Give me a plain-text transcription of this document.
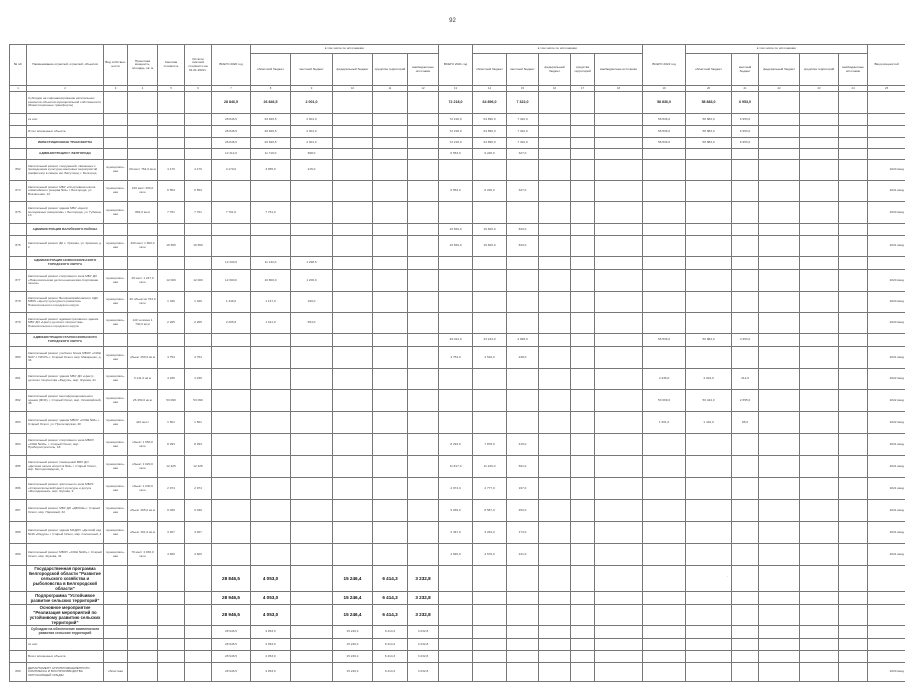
92
№ п/п	Наименование отраслей, отраслей, объектов	Вид собствен-ности	Проектная мощность, площадь, кв. м	Сметная стоимость	Остаток сметной стоимости на 01.01.2020 г.	ВСЕГО 2020 год	в том числе по источникам:					ВСЕГО 2021 год	в том числе по источникам:					ВСЕГО 2022 год	в том числе по источникам:					Ввод мощностей
							областной бюджет	местный бюджет	федеральный бюджет	средства территорий	внебюджетные источники		областной бюджет	местный бюджет	федеральный бюджет	средства территорий	внебюджетные источники		областной бюджет	местный бюджет	федеральный бюджет	средства территорий	внебюджетные источники	
1	2	3	4	5	6	7	8	9	10	11	12	13	14	15	16	17	18	19	20	21	22	23	24	25
	Субсидии на софинансирование капитальных ремонтов объектов муниципальной собственности (Инвестиционные трансферты)					28 846,5	26 846,5	2 001,0				72 218,0	64 896,0	7 322,0				58 836,0	58 883,0	6 953,0				
	из них:					28 846,5	26 846,5	2 001,0				72 218,0	64 896,0	7 322,0				58 836,0	58 883,0	6 953,0				
	Итого вложенных объекта					28 846,5	26 846,5	2 001,0				72 218,0	64 896,0	7 322,0				58 836,0	58 883,0	6 953,0				
	ИНВЕСТИЦИОННЫЕ ТРАНСФЕРТЫ					28 846,5	26 846,5	2 001,0				72 218,0	64 896,0	7 322,0				58 836,0	58 883,0	6 953,0				
	АДМИНИСТРАЦИЯ Г. БЕЛГОРОДА					12 414,0	11 716,0	698,0				6 553,0	6 226,0	327,0										
852	Капитальный ремонт сооружений, связанных с проведением культурно-массовых мероприятий (амфитеатр в сквере им. Ватутина), г. Белгород	муниципаль-ная	60 мест 764,0 кв.м	4 170	4 170	4 170,0	3 955,0	215,0																2020 ввод
874	Капитальный ремонт МБУ «Спортивная школа олимпийского резерва №2» г. Белгорода, ул. Вокзальная, 12	муниципаль-ная	220 мест 450,0 кв.м	6 553	6 553							6 553,0	6 226,0	327,0										2021 ввод
875	Капитальный ремонт здания МБУ «Центр молодёжных инициатив» г. Белгорода, ул. Губкина, 13	муниципаль-ная	882,0 кв.м	7 761	7 761	7 761,0	7 761,0																	2020 ввод
	АДМИНИСТРАЦИЯ ВАЛУЙСКОГО РАЙОНА											16 659,0	15 826,0	833,0										
876	Капитальный ремонт ДК с. Уразово, ул. Красная, д. 2	муниципаль-ная	400 мест 1 800,0 кв.м	16 659	16 659							16 659,0	15 826,0	833,0										2021 ввод
	АДМИНИСТРАЦИЯ НОВООСКОЛЬСКОГО ГОРОДСКОГО ОКРУГА					12 430,5	11 132,0	1 298,5																
877	Капитальный ремонт спортивного зала МБУ ДО «Новооскольская детско-юношеская спортивная школа»	муниципаль-ная	45 мест 1 247,0 кв.м	12 000	12 000	12 000,0	10 800,0	1 200,0																2020 ввод
878	Капитальный ремонт Великомихайловского СДК МБУК «Центр культурного развития» Новооскольского городского округа	муниципаль-ная	20 объектов 764,0 кв.м	1 346	1 346	1 346,0	1 147,0	199,0																2020 ввод
879	Капитальный ремонт административного здания МБУ ДО «Центр детского творчества» Новооскольского городского округа	муниципаль-ная	140 человек 1 730,0 кв.м	2 265	2 265	2 265,0	1 611,0	654,0																2020 ввод
	АДМИНИСТРАЦИЯ СТАРООСКОЛЬСКОГО ГОРОДСКОГО ОКРУГА											49 044,0	43 244,0	4 828,0				58 836,0	50 884,0	4 953,0				
880	Капитальный ремонт учебного блока МБОУ «СОШ №27 с УИОП» г. Старый Оскол, мкр. Макаренко, д. 34	муниципаль-ная	обьект 250,0 кв.м	4 754	4 754							4 754,0	4 516,0	238,0										2021 ввод
881	Капитальный ремонт здания МБУ ДО «Центр детского творчества «Радуга», мкр. Жукова, 41	муниципаль-ная	3 141,0 кв.м	4 236	4 236													4 236,0	4 024,0	212,0				2022 ввод
882	Капитальный ремонт многофункционального здания (ФОК), г. Старый Оскол, мкр. Олимпийский, 45	муниципаль-ная	26 450,0 кв.м	53 099	53 099													53 099,0	50 444,0	2 655,0				2022 ввод
883	Капитальный ремонт здания МБОУ «ООШ №8», г. Старый Оскол, ул. Пролетарская, 40	муниципаль-ная	410 мест	1 501	1 501													1 501,0	1 416,0	85,0				2022 ввод
884	Капитальный ремонт спортивного зала МБОУ «СОШ №19», г. Старый Оскол, мкр. Приборостроитель, 18	муниципаль-ная	обьект 1 050,0 кв.м	8 293	8 293							8 293,0	7 878,0	415,0										2021 ввод
885	Капитальный ремонт помещений МБУ ДО «Детская школа искусств №2» г. Старый Оскол, мкр. Молодогвардеец, 3	муниципаль-ная	обьект 1 020,0 кв.м	12 425	12 425							11 817,0	11 226,0	591,0										2021 ввод
886	Капитальный ремонт зрительного зала МБУК «Старооскольский Центр культуры и досуга «Молодёжный», мкр. Жукова, 9	муниципаль-ная	обьект 1 230,0 кв.м	2 974	2 974							2 974,0	2 777,0	197,0										2021 ввод
887	Капитальный ремонт МБУ ДО «ДЮСШ» г. Старый Оскол, мкр. Парковый, 32	муниципаль-ная	обьект 265,0 кв.м	9 039	9 039							9 039,0	8 587,0	452,0										2021 ввод
888	Капитальный ремонт здания МАДОУ «Детский сад №16 «Радуга» г. Старый Оскол, мкр. Солнечный, 4	муниципаль-ная	обьект 401,0 кв.м	3 467	3 467							3 467,0	3 294,0	173,0										2021 ввод
889	Капитальный ремонт МБОУ «СОШ №40» г. Старый Оскол, мкр. Жукова, 44	муниципаль-ная	70 мест 4 930,0 кв.м	4 820	4 820							4 820,0	4 579,0	241,0										2021 ввод
	Государственная программа Белгородской области "Развитие сельского хозяйства и рыболовства в Белгородской области"					28 846,5	4 053,0		15 246,4	6 414,3	3 232,8													
	Подпрограмма "Устойчивое развитие сельских территорий"					28 946,5	4 053,0		15 246,4	6 414,3	3 232,8													
	Основное мероприятие "Реализация мероприятий по устойчивому развитию сельских территорий"					28 946,5	4 053,0		15 246,4	6 414,3	3 232,8													
	Субсидии на обеспечение комплексного развития сельских территорий					28 946,5	4 053,0		15 246,4	6 414,3	3 232,8													
	из них:					28 946,5	4 053,0		15 246,4	6 414,3	3 232,8													
	Всего вложенных объекта					28 946,5	4 053,0		15 246,4	6 414,3	3 232,8													
890	ДЕПАРТАМЕНТ АГРОПРОМЫШЛЕННОГО КОМПЛЕКСА И ВОСПРОИЗВОДСТВА ОКРУЖАЮЩЕЙ СРЕДЫ	областная				28 946,5	4 053,0		15 246,4	6 414,3	3 232,8													2020 ввод
.
